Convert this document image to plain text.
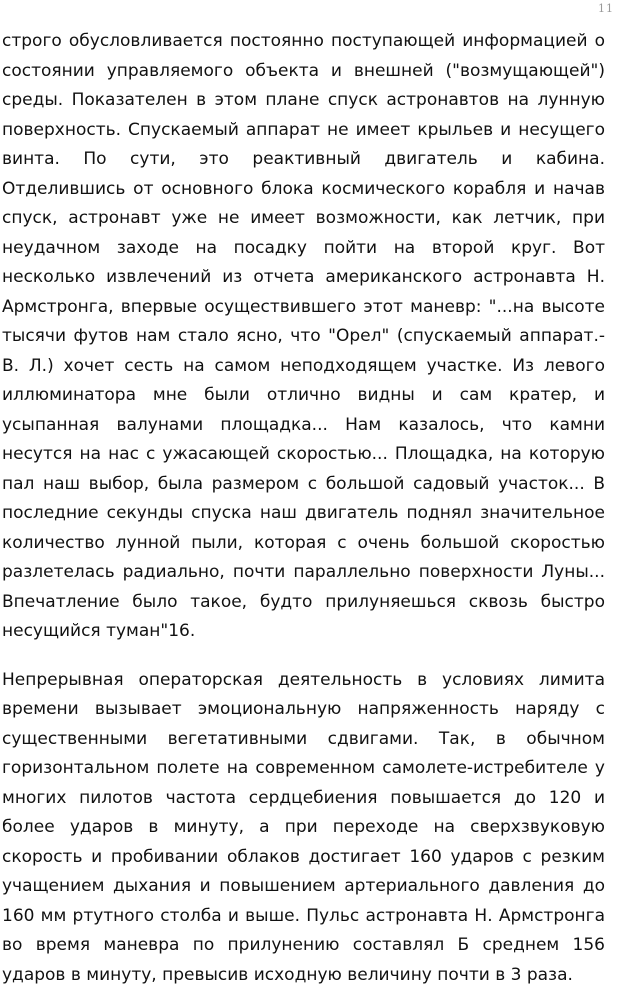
11

строго обусловливается постоянно поступающей информацией о состоянии управляемого объекта и внешней ("возмущающей") среды. Показателен в этом плане спуск астронавтов на лунную поверхность. Спускаемый аппарат не имеет крыльев и несущего винта. По сути, это реактивный двигатель и кабина. Отделившись от основного блока космического корабля и начав спуск, астронавт уже не имеет возможности, как летчик, при неудачном заходе на посадку пойти на второй круг. Вот несколько извлечений из отчета американского астронавта Н. Армстронга, впервые осуществившего этот маневр: "...на высоте тысячи футов нам стало ясно, что "Орел" (спускаемый аппарат.- В. Л.) хочет сесть на самом неподходящем участке. Из левого иллюминатора мне были отлично видны и сам кратер, и усыпанная валунами площадка... Нам казалось, что камни несутся на нас с ужасающей скоростью... Площадка, на которую пал наш выбор, была размером с большой садовый участок... В последние секунды спуска наш двигатель поднял значительное количество лунной пыли, которая с очень большой скоростью разлетелась радиально, почти параллельно поверхности Луны... Впечатление было такое, будто прилуняешься сквозь быстро несущийся туман"16.

Непрерывная операторская деятельность в условиях лимита времени вызывает эмоциональную напряженность наряду с существенными вегетативными сдвигами. Так, в обычном горизонтальном полете на современном самолете-истребителе у многих пилотов частота сердцебиения повышается до 120 и более ударов в минуту, а при переходе на сверхзвуковую скорость и пробивании облаков достигает 160 ударов с резким учащением дыхания и повышением артериального давления до 160 мм ртутного столба и выше. Пульс астронавта Н. Армстронга во время маневра по прилунению составлял Б среднем 156 ударов в минуту, превысив исходную величину почти в 3 раза.
